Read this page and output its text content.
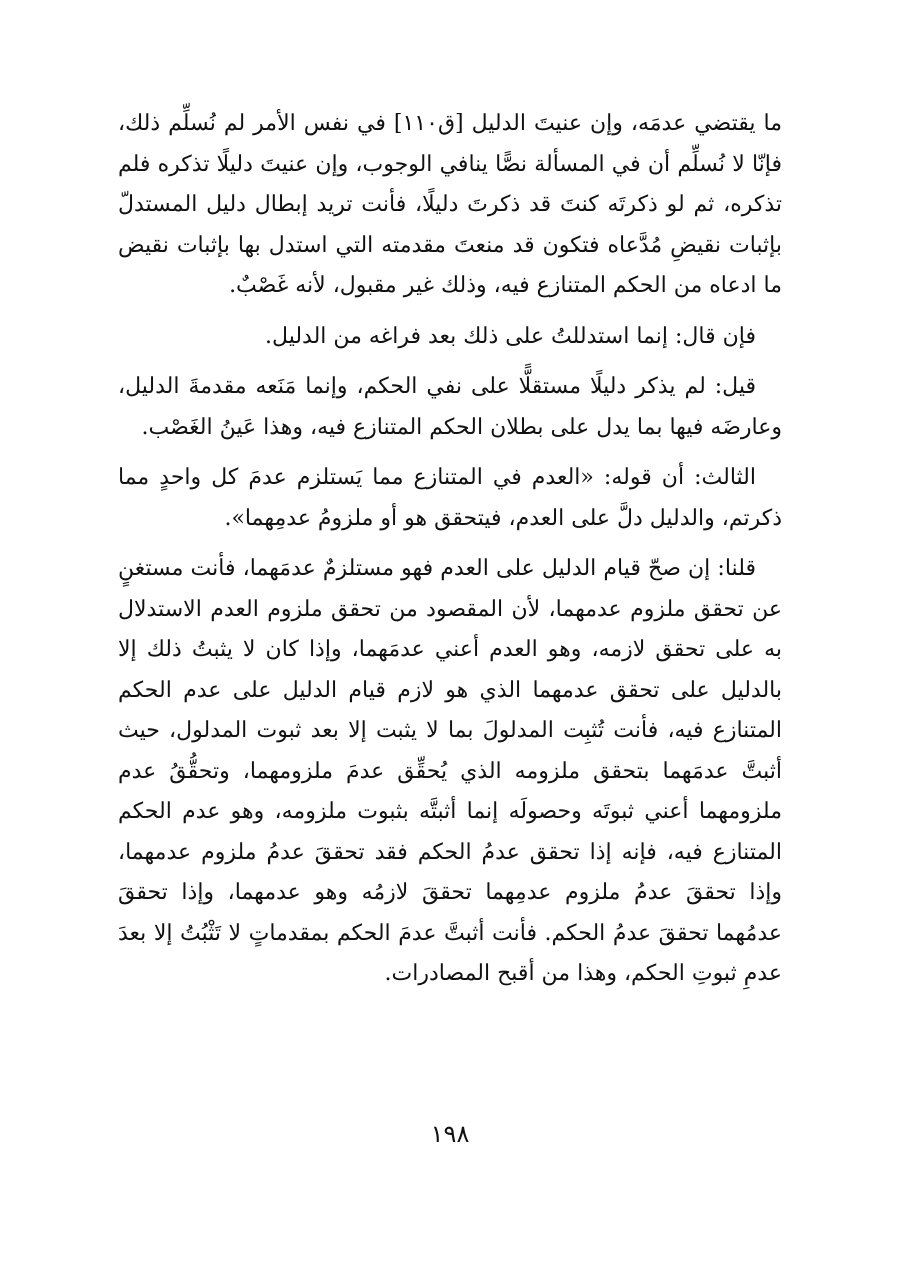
ما يقتضي عدمَه، وإن عنيتَ الدليل [ق١١٠] في نفس الأمر لم نُسلِّم ذلك، فإنّا لا نُسلِّم أن في المسألة نصًّا ينافي الوجوب، وإن عنيتَ دليلًا تذكره فلم تذكره، ثم لو ذكرتَه كنتَ قد ذكرتَ دليلًا، فأنت تريد إبطال دليل المستدلّ بإثبات نقيضِ مُدَّعاه فتكون قد منعتَ مقدمته التي استدل بها بإثبات نقيض ما ادعاه من الحكم المتنازع فيه، وذلك غير مقبول، لأنه غَصْبٌ.

فإن قال: إنما استدللتُ على ذلك بعد فراغه من الدليل.

قيل: لم يذكر دليلًا مستقلًّا على نفي الحكم، وإنما مَنَعه مقدمةَ الدليل، وعارضَه فيها بما يدل على بطلان الحكم المتنازع فيه، وهذا عَينُ الغَصْب.

الثالث: أن قوله: «العدم في المتنازع مما يَستلزم عدمَ كل واحدٍ مما ذكرتم، والدليل دلَّ على العدم، فيتحقق هو أو ملزومُ عدمِهما».

قلنا: إن صحّ قيام الدليل على العدم فهو مستلزمٌ عدمَهما، فأنت مستغنٍ عن تحقق ملزوم عدمهما، لأن المقصود من تحقق ملزوم العدم الاستدلال به على تحقق لازمه، وهو العدم أعني عدمَهما، وإذا كان لا يثبتُ ذلك إلا بالدليل على تحقق عدمهما الذي هو لازم قيام الدليل على عدم الحكم المتنازع فيه، فأنت تُثبِت المدلولَ بما لا يثبت إلا بعد ثبوت المدلول، حيث أثبتَّ عدمَهما بتحقق ملزومه الذي يُحقِّق عدمَ ملزومهما، وتحقُّقُ عدم ملزومهما أعني ثبوتَه وحصولَه إنما أثبتَّه بثبوت ملزومه، وهو عدم الحكم المتنازع فيه، فإنه إذا تحقق عدمُ الحكم فقد تحققَ عدمُ ملزوم عدمهما، وإذا تحققَ عدمُ ملزوم عدمِهما تحققَ لازمُه وهو عدمهما، وإذا تحققَ عدمُهما تحققَ عدمُ الحكم. فأنت أثبتَّ عدمَ الحكم بمقدماتٍ لا تَثْبُتُ إلا بعدَ عدمِ ثبوتِ الحكم، وهذا من أقبح المصادرات.

١٩٨
